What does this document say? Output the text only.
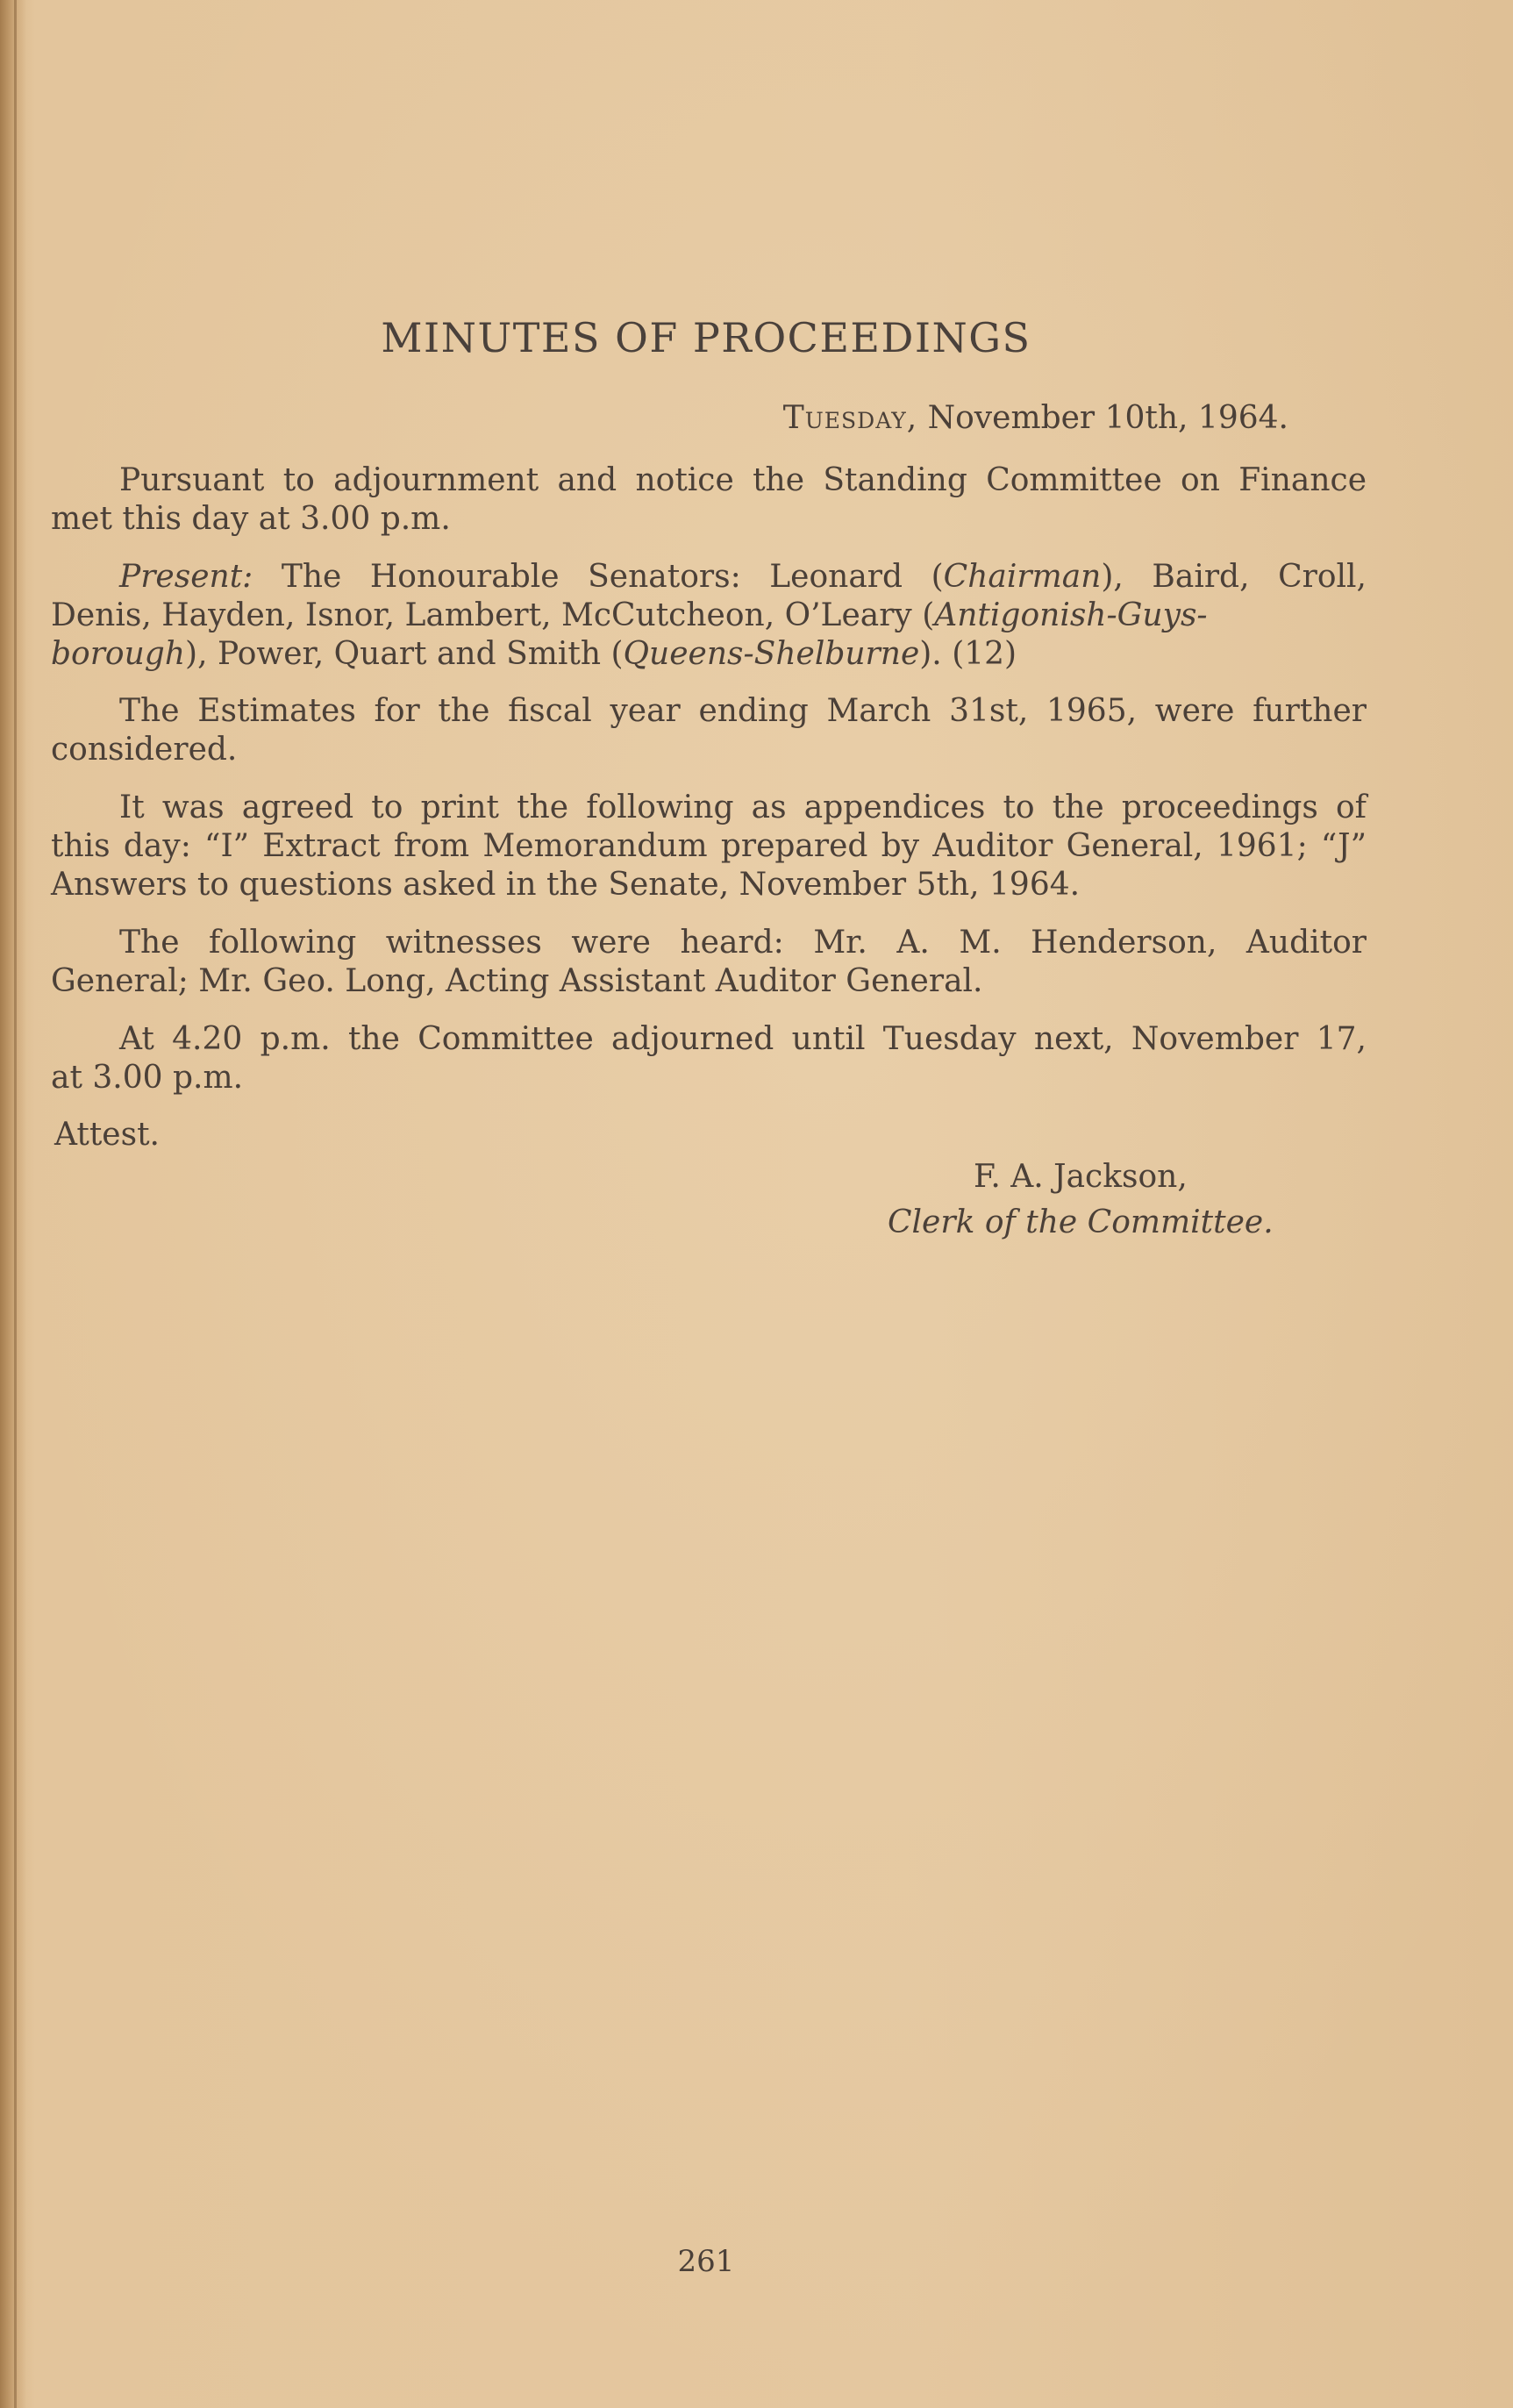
MINUTES OF PROCEEDINGS
Tuesday, November 10th, 1964.
Pursuant to adjournment and notice the Standing Committee on Finance
met this day at 3.00 p.m.
Present: The Honourable Senators: Leonard (Chairman), Baird, Croll,
Denis, Hayden, Isnor, Lambert, McCutcheon, O’Leary (Antigonish-Guys-
borough), Power, Quart and Smith (Queens-Shelburne). (12)
The Estimates for the fiscal year ending March 31st, 1965, were further
considered.
It was agreed to print the following as appendices to the proceedings of
this day: “I” Extract from Memorandum prepared by Auditor General, 1961; “J” Answers to questions asked in the Senate, November 5th, 1964.
The following witnesses were heard: Mr. A. M. Henderson, Auditor
General; Mr. Geo. Long, Acting Assistant Auditor General.
At 4.20 p.m. the Committee adjourned until Tuesday next, November 17,
at 3.00 p.m.
Attest.
F. A. Jackson,
Clerk of the Committee.
261
